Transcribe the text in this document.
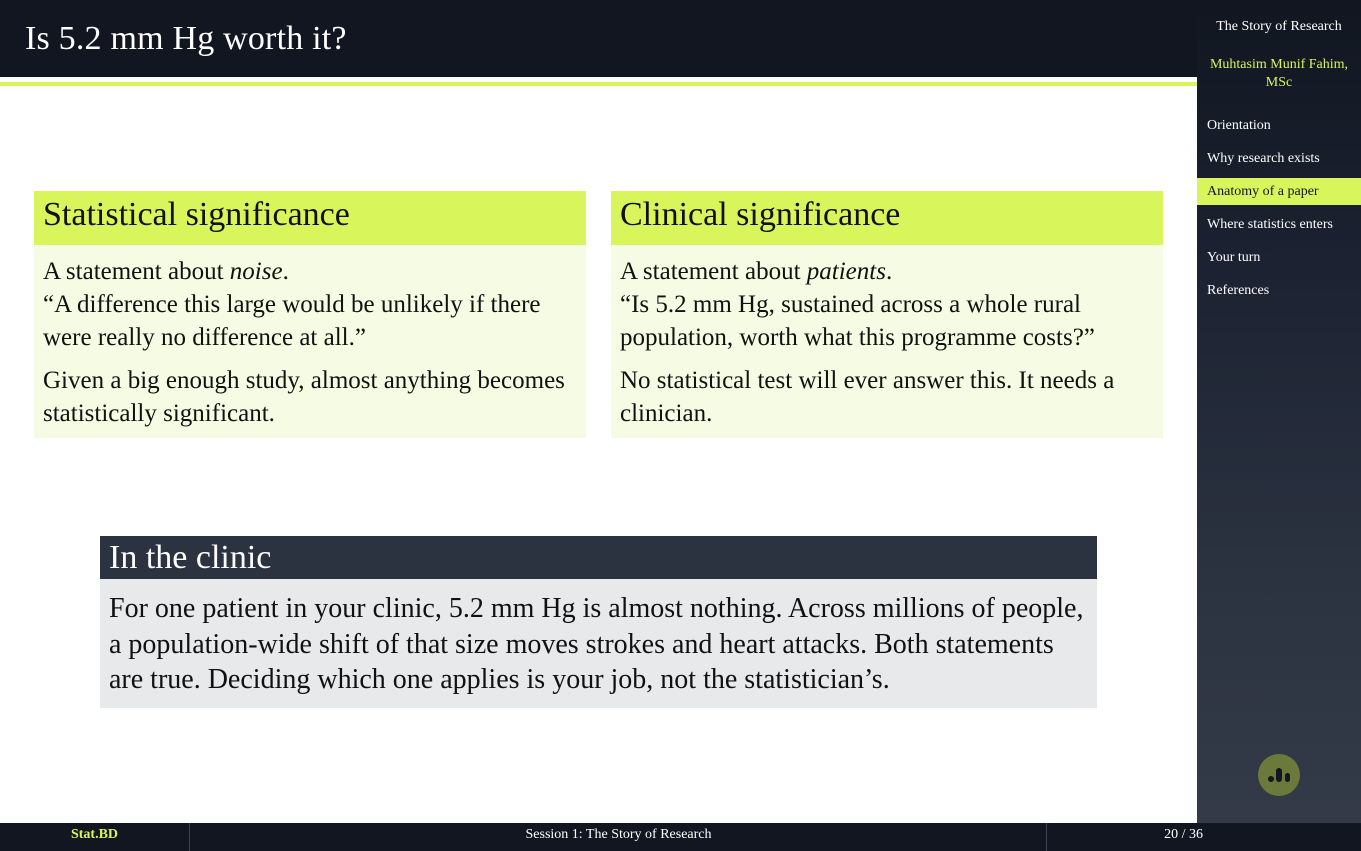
Is 5.2 mm Hg worth it?	The Story of Research
Muhtasim Munif Fahim, MSc
Orientation
Why research exists
Anatomy of a paper
Where statistics enters
Your turn
References
Statistical significance

A statement about noise.
“A difference this large would be unlikely if there were really no difference at all.”

Given a big enough study, almost anything becomes statistically significant.

Clinical significance

A statement about patients.
“Is 5.2 mm Hg, sustained across a whole rural population, worth what this programme costs?”

No statistical test will ever answer this. It needs a clinician.

In the clinic
For one patient in your clinic, 5.2 mm Hg is almost nothing. Across millions of people, a population-wide shift of that size moves strokes and heart attacks. Both statements are true. Deciding which one applies is your job, not the statistician’s.
Stat.BD	Session 1: The Story of Research	20 / 36
